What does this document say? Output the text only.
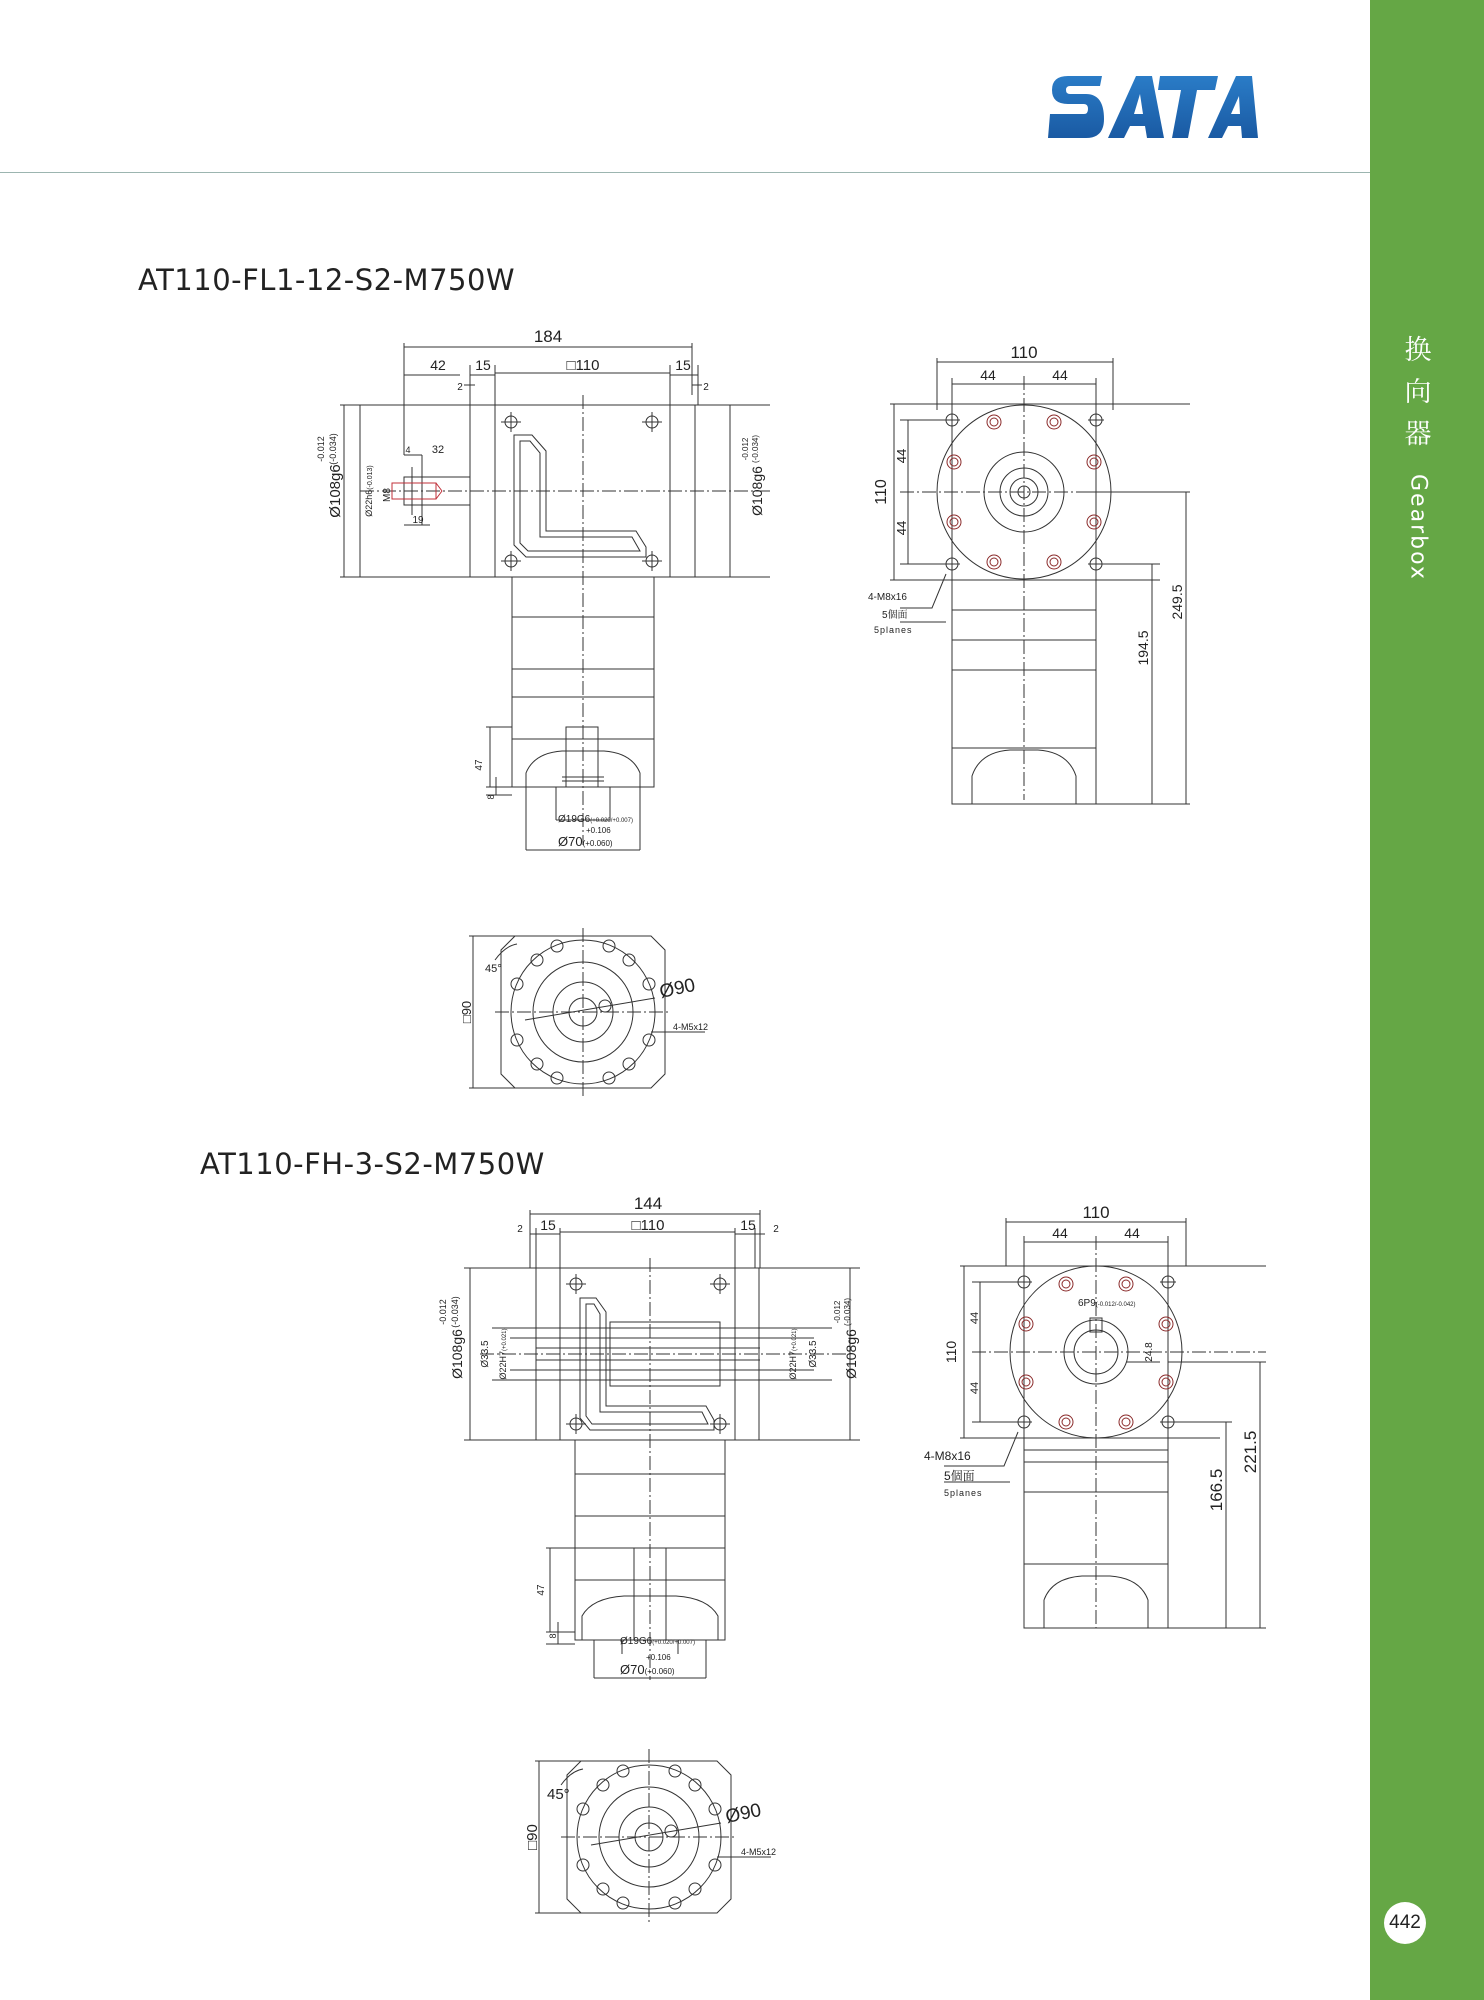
换
向
器
Gearbox
442
AT110-FL1-12-S2-M750W
184
42 15	□110	15
2	2
32
4
19
M8
Ø22h6(-0.013)
Ø108g6
-0.012 (-0.034)
Ø108g6
-0.012 (-0.034)
47
8
Ø19G6(+0.020/+0.007)
Ø70(+0.060)
+0.106
110
44	44
110
44
44
249.5
194.5
4-M8x16
5個面
5planes
□90
45°
Ø90
4-M5x12
AT110-FH-3-S2-M750W
144
15	□110	15
2	2
Ø108g6
-0.012 (-0.034)
Ø33.5 Ø22H7(+0.021)
Ø22H7(+0.021)
Ø33.5 Ø108g6
-0.012 (-0.034)
47
8	Ø19G6(+0.020/+0.007)
Ø70(+0.060)
+0.106
110
44	44
110
44
44
6P9(-0.012/-0.042)
24.8
221.5
166.5
4-M8x16
5個面
5planes
□90
45°
Ø90
4-M5x12
